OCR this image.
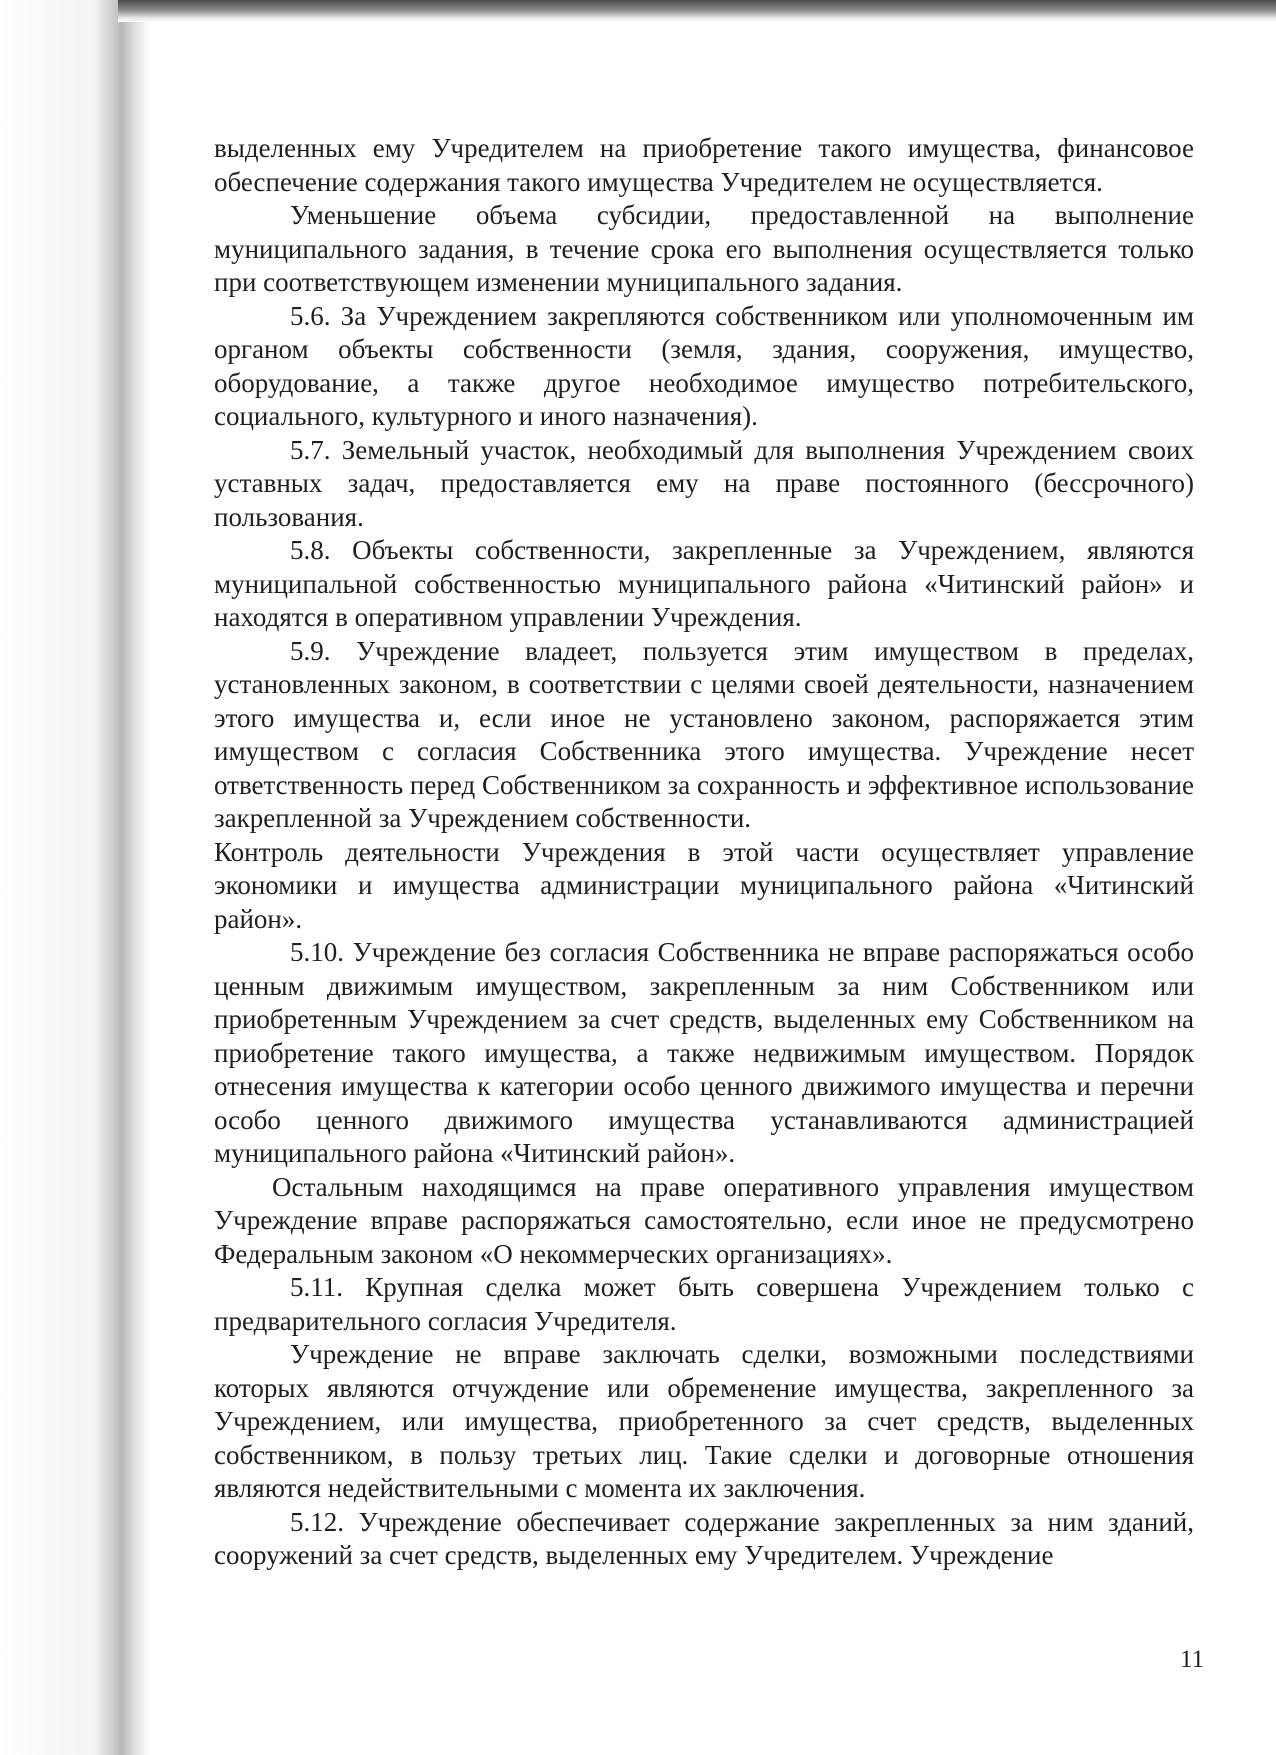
выделенных ему Учредителем на приобретение такого имущества, финансовое обеспечение содержания такого имущества Учредителем не осуществляется.

Уменьшение объема субсидии, предоставленной на выполнение муниципального задания, в течение срока его выполнения осуществляется только при соответствующем изменении муниципального задания.

5.6. За Учреждением закрепляются собственником или уполномоченным им органом объекты собственности (земля, здания, сооружения, имущество, оборудование, а также другое необходимое имущество потребительского, социального, культурного и иного назначения).

5.7. Земельный участок, необходимый для выполнения Учреждением своих уставных задач, предоставляется ему на праве постоянного (бессрочного) пользования.

5.8. Объекты собственности, закрепленные за Учреждением, являются муниципальной собственностью муниципального района «Читинский район» и находятся в оперативном управлении Учреждения.

5.9. Учреждение владеет, пользуется этим имуществом в пределах, установленных законом, в соответствии с целями своей деятельности, назначением этого имущества и, если иное не установлено законом, распоряжается этим имуществом с согласия Собственника этого имущества. Учреждение несет ответственность перед Собственником за сохранность и эффективное использование закрепленной за Учреждением собственности.

Контроль деятельности Учреждения в этой части осуществляет управление экономики и имущества администрации муниципального района «Читинский район».

5.10. Учреждение без согласия Собственника не вправе распоряжаться особо ценным движимым имуществом, закрепленным за ним Собственником или приобретенным Учреждением за счет средств, выделенных ему Собственником на приобретение такого имущества, а также недвижимым имуществом. Порядок отнесения имущества к категории особо ценного движимого имущества и перечни особо ценного движимого имущества устанавливаются администрацией муниципального района «Читинский район».

Остальным находящимся на праве оперативного управления имуществом Учреждение вправе распоряжаться самостоятельно, если иное не предусмотрено Федеральным законом «О некоммерческих организациях».

5.11. Крупная сделка может быть совершена Учреждением только с предварительного согласия Учредителя.

Учреждение не вправе заключать сделки, возможными последствиями которых являются отчуждение или обременение имущества, закрепленного за Учреждением, или имущества, приобретенного за счет средств, выделенных собственником, в пользу третьих лиц. Такие сделки и договорные отношения являются недействительными с момента их заключения.

5.12. Учреждение обеспечивает содержание закрепленных за ним зданий, сооружений за счет средств, выделенных ему Учредителем. Учреждение

11
